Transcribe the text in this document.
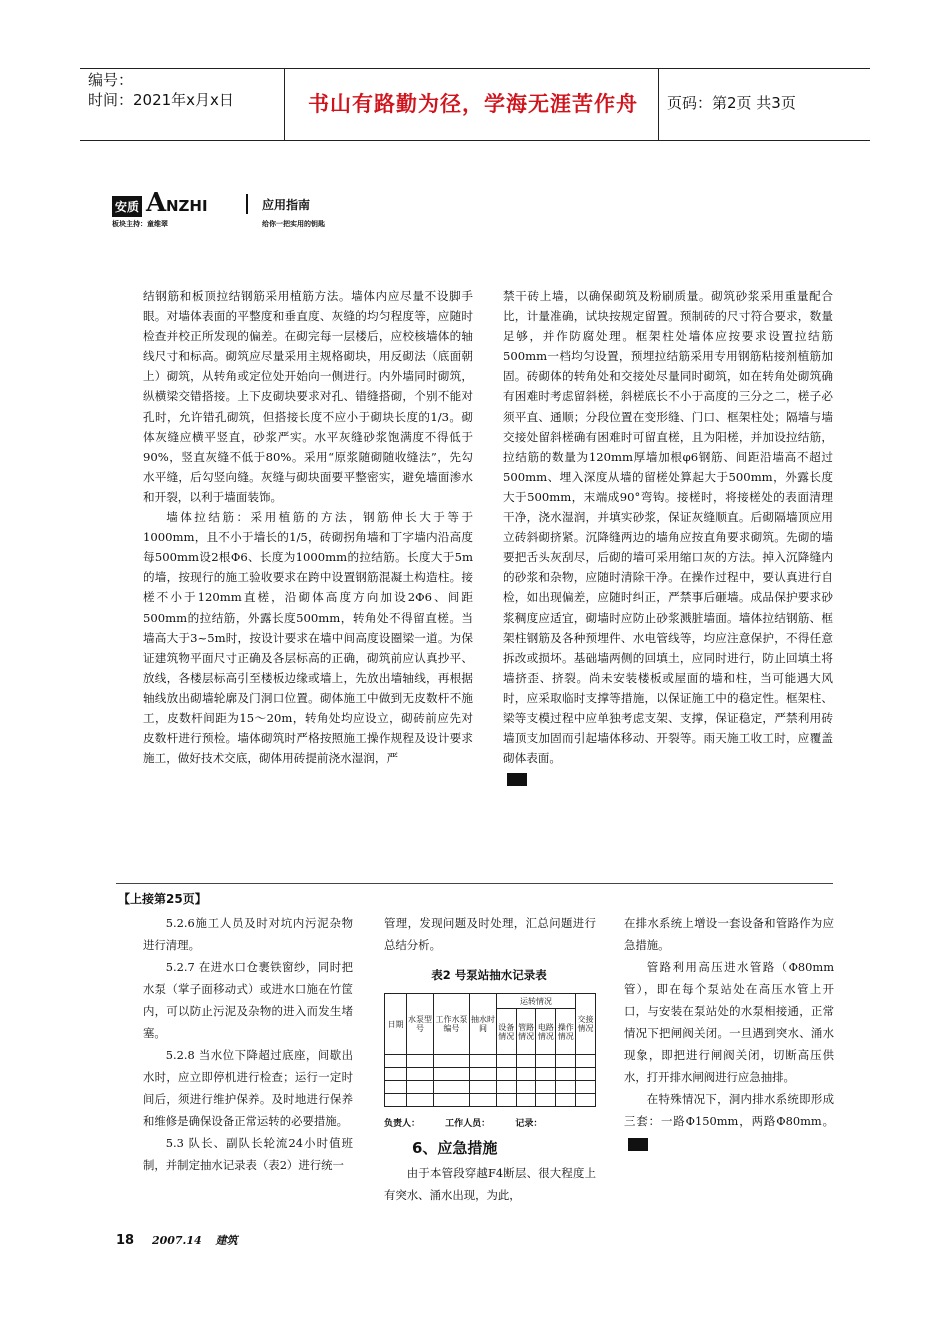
编号：
时间：2021年x月x日	书山有路勤为径，学海无涯苦作舟	页码：第2页 共3页
安质 A NZHI	应用指南
板块主持：童维翠	给你一把实用的钥匙

结钢筋和板顶拉结钢筋采用植筋方法。墙体内应尽量不设脚手眼。对墙体表面的平整度和垂直度、灰缝的均匀程度等，应随时检查并校正所发现的偏差。在砌完每一层楼后，应校核墙体的轴线尺寸和标高。砌筑应尽量采用主规格砌块，用反砌法（底面朝上）砌筑，从转角或定位处开始向一侧进行。内外墙同时砌筑，纵横梁交错搭接。上下皮砌块要求对孔、错缝搭砌，个别不能对孔时，允许错孔砌筑，但搭接长度不应小于砌块长度的1/3。砌体灰缝应横平竖直，砂浆严实。水平灰缝砂浆饱满度不得低于90%，竖直灰缝不低于80%。采用“原浆随砌随收缝法”，先勾水平缝，后勾竖向缝。灰缝与砌块面要平整密实，避免墙面渗水和开裂，以利于墙面装饰。

墙体拉结筋：采用植筋的方法，钢筋伸长大于等于1000mm，且不小于墙长的1/5，砖砌拐角墙和丁字墙内沿高度每500mm设2根Φ6、长度为1000mm的拉结筋。长度大于5m的墙，按现行的施工验收要求在跨中设置钢筋混凝土构造柱。接槎不小于120mm直槎，沿砌体高度方向加设2Φ6、间距500mm的拉结筋，外露长度500mm，转角处不得留直槎。当墙高大于3~5m时，按设计要求在墙中间高度设圈梁一道。为保证建筑物平面尺寸正确及各层标高的正确，砌筑前应认真抄平、放线，各楼层标高引至楼板边缘或墙上，先放出墙轴线，再根据轴线放出砌墙轮廓及门洞口位置。砌体施工中做到无皮数杆不施工，皮数杆间距为15～20m，转角处均应设立，砌砖前应先对皮数杆进行预检。墙体砌筑时严格按照施工操作规程及设计要求施工，做好技术交底，砌体用砖提前浇水湿润，严

禁干砖上墙，以确保砌筑及粉刷质量。砌筑砂浆采用重量配合比，计量准确，试块按规定留置。预制砖的尺寸符合要求，数量足够，并作防腐处理。框架柱处墙体应按要求设置拉结筋500mm一档均匀设置，预埋拉结筋采用专用钢筋粘接剂植筋加固。砖砌体的转角处和交接处尽量同时砌筑，如在转角处砌筑确有困难时考虑留斜槎，斜槎底长不小于高度的三分之二，槎子必须平直、通顺；分段位置在变形缝、门口、框架柱处；隔墙与墙交接处留斜槎确有困难时可留直槎，且为阳槎，并加设拉结筋，拉结筋的数量为120mm厚墙加根φ6钢筋、间距沿墙高不超过500mm、埋入深度从墙的留槎处算起大于500mm，外露长度大于500mm，末端成90°弯钩。接槎时，将接槎处的表面清理干净，浇水湿润，并填实砂浆，保证灰缝顺直。后砌隔墙顶应用立砖斜砌挤紧。沉降缝两边的墙角应按直角要求砌筑。先砌的墙要把舌头灰刮尽，后砌的墙可采用缩口灰的方法。掉入沉降缝内的砂浆和杂物，应随时清除干净。在操作过程中，要认真进行自检，如出现偏差，应随时纠正，严禁事后砸墙。成品保护要求砂浆稠度应适宜，砌墙时应防止砂浆溅脏墙面。墙体拉结钢筋、框架柱钢筋及各种预埋件、水电管线等，均应注意保护，不得任意拆改或损坏。基础墙两侧的回填土，应同时进行，防止回填土将墙挤歪、挤裂。尚未安装楼板或屋面的墙和柱，当可能遇大风时，应采取临时支撑等措施，以保证施工中的稳定性。框架柱、梁等支模过程中应单独考虑支架、支撑，保证稳定，严禁利用砖墙顶支加固而引起墙体移动、开裂等。雨天施工收工时，应覆盖砌体表面。

【上接第25页】

5.2.6施工人员及时对坑内污泥杂物进行清理。

5.2.7 在进水口仓裹铁窗纱，同时把水泵（掌子面移动式）或进水口施在竹筐内，可以防止污泥及杂物的进入而发生堵塞。

5.2.8 当水位下降超过底座，间歇出水时，应立即停机进行检查；运行一定时间后，须进行维护保养。及时地进行保养和维修是确保设备正常运转的必要措施。

5.3 队长、副队长轮流24小时值班制，并制定抽水记录表（表2）进行统一

管理，发现问题及时处理，汇总问题进行总结分析。

表2 号泵站抽水记录表
日期	水泵型号	工作水泵编号	抽水时间	运转情况				交接情况
				设备情况	管路情况	电路情况	操作情况	

负责人：	工作人员：	记录：
6、应急措施

由于本管段穿越F4断层、很大程度上有突水、涌水出现，为此，

在排水系统上增设一套设备和管路作为应急措施。

管路利用高压进水管路（Φ80mm管），即在每个泵站处在高压水管上开口，与安装在泵站处的水泵相接通，正常情况下把闸阀关闭。一旦遇到突水、涌水现象，即把进行闸阀关闭，切断高压供水，打开排水闸阀进行应急抽排。

在特殊情况下，洞内排水系统即形成三套：一路Φ150mm，两路Φ80mm。

18 2007.14 建筑
